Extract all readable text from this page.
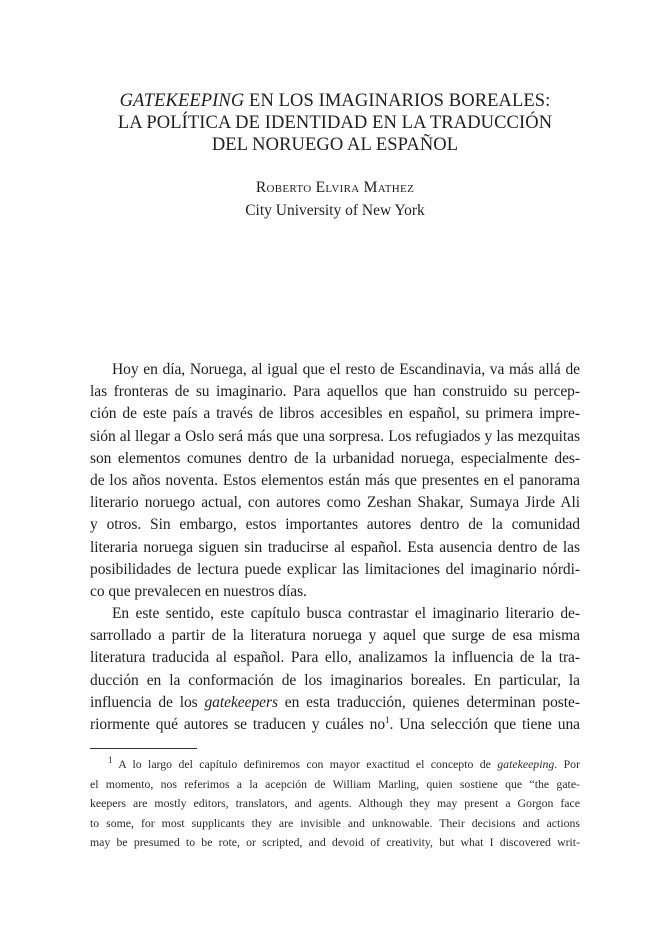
GATEKEEPING EN LOS IMAGINARIOS BOREALES:
LA POLÍTICA DE IDENTIDAD EN LA TRADUCCIÓN
DEL NORUEGO AL ESPAÑOL
Roberto Elvira Mathez
City University of New York
Hoy en día, Noruega, al igual que el resto de Escandinavia, va más allá de
las fronteras de su imaginario. Para aquellos que han construido su percep-
ción de este país a través de libros accesibles en español, su primera impre-
sión al llegar a Oslo será más que una sorpresa. Los refugiados y las mezquitas
son elementos comunes dentro de la urbanidad noruega, especialmente des-
de los años noventa. Estos elementos están más que presentes en el panorama
literario noruego actual, con autores como Zeshan Shakar, Sumaya Jirde Ali
y otros. Sin embargo, estos importantes autores dentro de la comunidad
literaria noruega siguen sin traducirse al español. Esta ausencia dentro de las
posibilidades de lectura puede explicar las limitaciones del imaginario nórdi-
co que prevalecen en nuestros días.
En este sentido, este capítulo busca contrastar el imaginario literario de-
sarrollado a partir de la literatura noruega y aquel que surge de esa misma
literatura traducida al español. Para ello, analizamos la influencia de la tra-
ducción en la conformación de los imaginarios boreales. En particular, la
influencia de los gatekeepers en esta traducción, quienes determinan poste-
riormente qué autores se traducen y cuáles $no^1$. Una selección que tiene una
$^1$ A lo largo del capítulo definiremos con mayor exactitud el concepto de gatekeeping. Por
el momento, nos referimos a la acepción de William Marling, quien sostiene que “the gate-
keepers are mostly editors, translators, and agents. Although they may present a Gorgon face
to some, for most supplicants they are invisible and unknowable. Their decisions and actions
may be presumed to be rote, or scripted, and devoid of creativity, but what I discovered writ-
